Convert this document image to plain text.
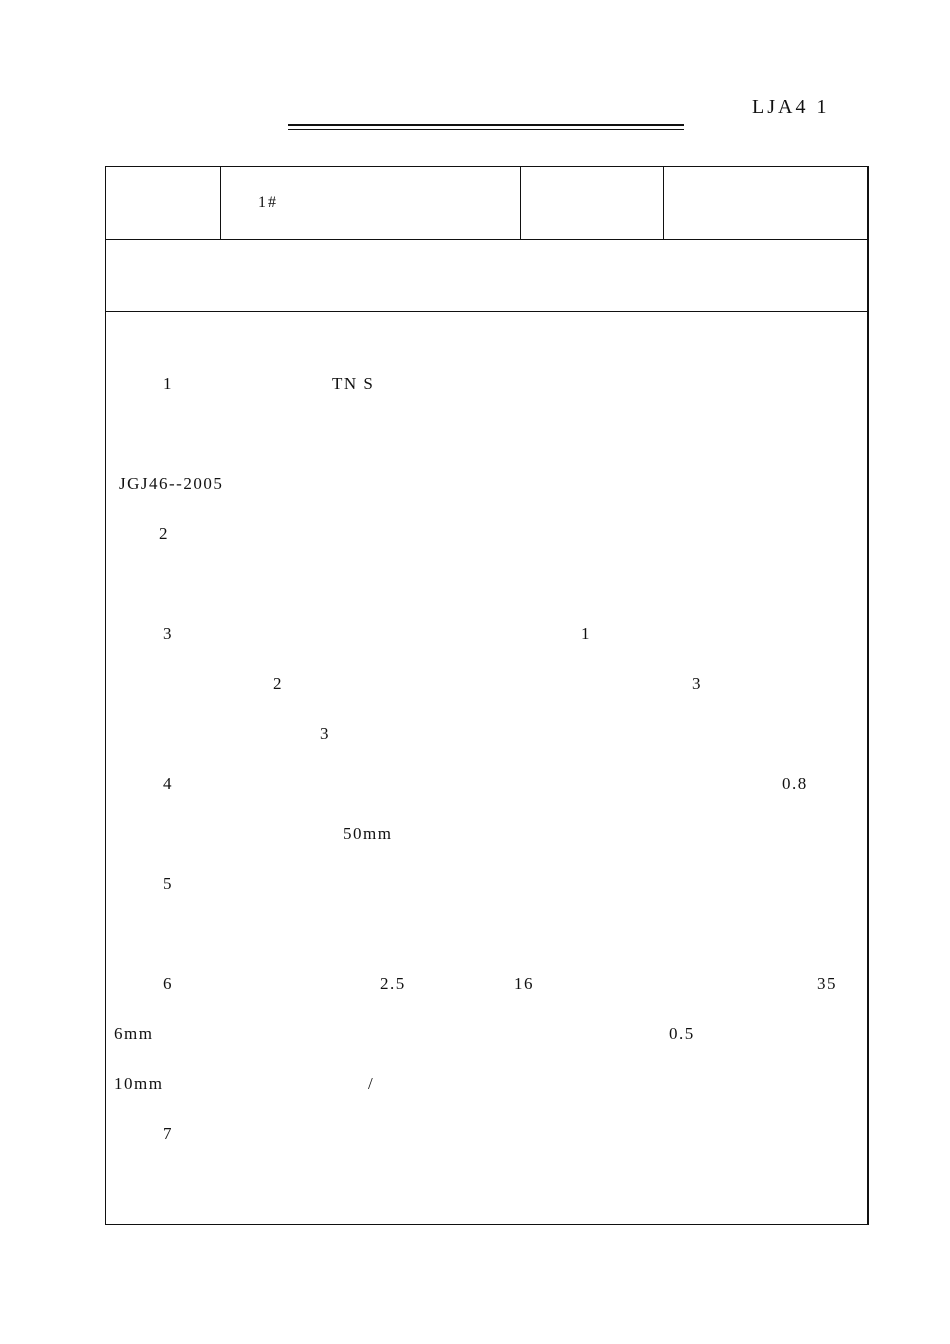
LJA4 1
1#
1	TN S
JGJ46--2005
2
3	1
2	3
3
4	0.8
50mm
5
6	2.5	16	35
6mm	0.5
10mm	/
7
